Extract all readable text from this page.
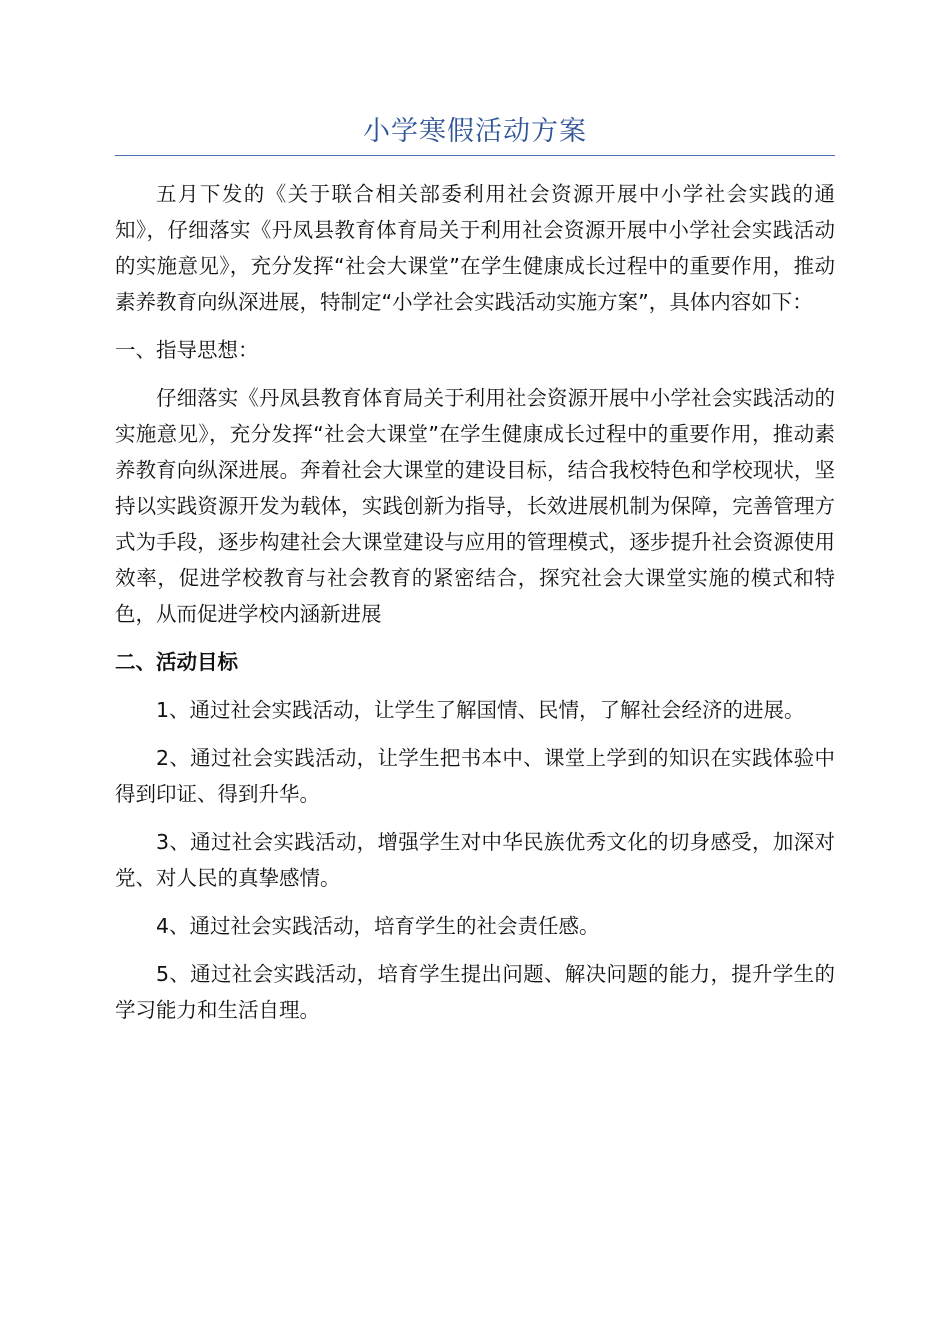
小学寒假活动方案

五月下发的《关于联合相关部委利用社会资源开展中小学社会实践的通知》，仔细落实《丹凤县教育体育局关于利用社会资源开展中小学社会实践活动的实施意见》，充分发挥“社会大课堂”在学生健康成长过程中的重要作用，推动素养教育向纵深进展，特制定“小学社会实践活动实施方案”，具体内容如下：

一、指导思想：

仔细落实《丹凤县教育体育局关于利用社会资源开展中小学社会实践活动的实施意见》，充分发挥“社会大课堂”在学生健康成长过程中的重要作用，推动素养教育向纵深进展。奔着社会大课堂的建设目标，结合我校特色和学校现状，坚持以实践资源开发为载体，实践创新为指导，长效进展机制为保障，完善管理方式为手段，逐步构建社会大课堂建设与应用的管理模式，逐步提升社会资源使用效率，促进学校教育与社会教育的紧密结合，探究社会大课堂实施的模式和特色，从而促进学校内涵新进展

二、活动目标

1、通过社会实践活动，让学生了解国情、民情，了解社会经济的进展。

2、通过社会实践活动，让学生把书本中、课堂上学到的知识在实践体验中得到印证、得到升华。

3、通过社会实践活动，增强学生对中华民族优秀文化的切身感受，加深对党、对人民的真挚感情。

4、通过社会实践活动，培育学生的社会责任感。

5、通过社会实践活动，培育学生提出问题、解决问题的能力，提升学生的学习能力和生活自理。
